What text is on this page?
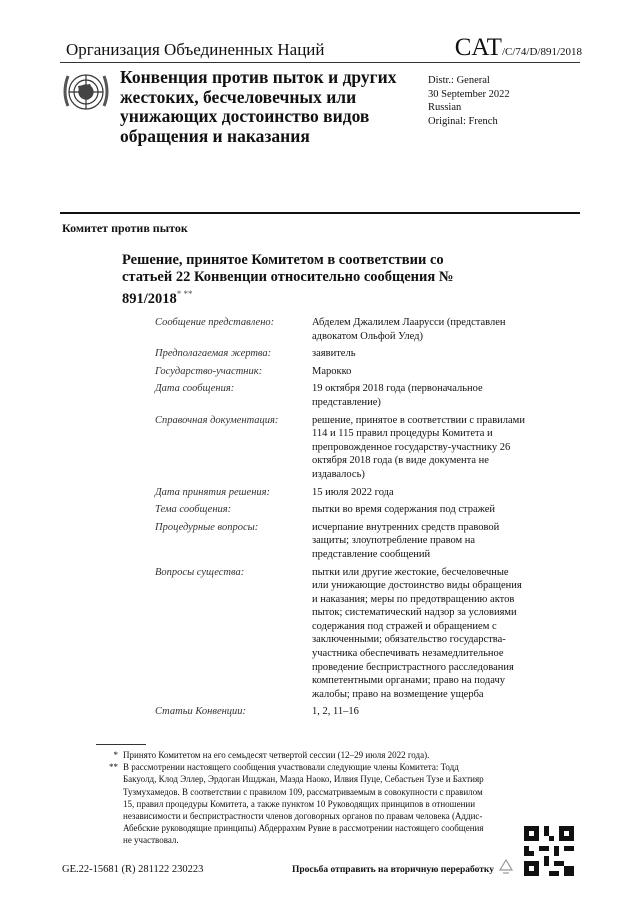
Организация Объединенных Наций	CAT/C/74/D/891/2018
Конвенция против пыток и других жестоких, бесчеловечных или унижающих достоинство видов обращения и наказания
Distr.: General
30 September 2022
Russian
Original: French
Комитет против пыток
Решение, принятое Комитетом в соответствии со статьей 22 Конвенции относительно сообщения № 891/2018* **
Сообщение представлено:	Абделем Джалилем Лаарусси (представлен адвокатом Ольфой Улед)
Предполагаемая жертва:	заявитель
Государство-участник:	Марокко
Дата сообщения:	19 октября 2018 года (первоначальное представление)
Справочная документация:	решение, принятое в соответствии с правилами 114 и 115 правил процедуры Комитета и препровожденное государству-участнику 26 октября 2018 года (в виде документа не издавалось)
Дата принятия решения:	15 июля 2022 года
Тема сообщения:	пытки во время содержания под стражей
Процедурные вопросы:	исчерпание внутренних средств правовой защиты; злоупотребление правом на представление сообщений
Вопросы существа:	пытки или другие жестокие, бесчеловечные или унижающие достоинство виды обращения и наказания; меры по предотвращению актов пыток; систематический надзор за условиями содержания под стражей и обращением с заключенными; обязательство государства-участника обеспечивать незамедлительное проведение беспристрастного расследования компетентными органами; право на подачу жалобы; право на возмещение ущерба
Статьи Конвенции:	1, 2, 11–16
* Принято Комитетом на его семьдесят четвертой сессии (12–29 июля 2022 года).
** В рассмотрении настоящего сообщения участвовали следующие члены Комитета: Тодд Бакуолд, Клод Эллер, Эрдоган Ишджан, Маэда Наоко, Илвия Пуце, Себастьен Тузе и Бахтияр Тузмухамедов. В соответствии с правилом 109, рассматриваемым в совокупности с правилом 15, правил процедуры Комитета, а также пунктом 10 Руководящих принципов в отношении независимости и беспристрастности членов договорных органов по правам человека (Аддис-Абебские руководящие принципы) Абдеррахим Рувие в рассмотрении настоящего сообщения не участвовал.
GE.22-15681 (R) 281122 230223	Просьба отправить на вторичную переработку
